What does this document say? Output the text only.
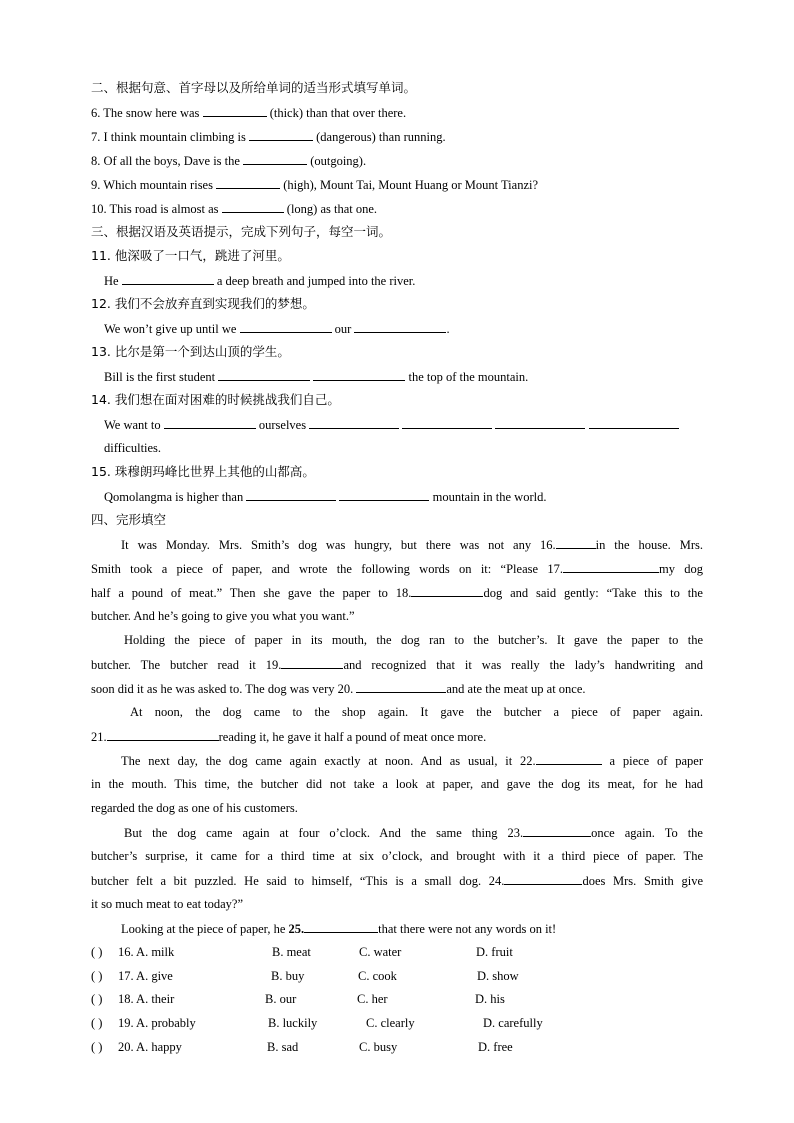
二、根据句意、首字母以及所给单词的适当形式填写单词。
6. The snow here was	(thick) than that over there.
7. I think mountain climbing is	(dangerous) than running.
8. Of all the boys, Dave is the	(outgoing).
9. Which mountain rises	(high), Mount Tai, Mount Huang or Mount Tianzi?
10. This road is almost as	(long) as that one.
三、根据汉语及英语提示，完成下列句子，每空一词。
11. 他深吸了一口气，跳进了河里。
He	a deep breath and jumped into the river.
12. 我们不会放弃直到实现我们的梦想。
We won’t give up until we	our	.
13. 比尔是第一个到达山顶的学生。
Bill is the first student	the top of the mountain.
14. 我们想在面对困难的时候挑战我们自己。
We want to	ourselves
difficulties.
15. 珠穆朗玛峰比世界上其他的山都高。
Qomolangma is higher than	mountain in the world.
四、完形填空
It was Monday. Mrs. Smith’s dog was hungry, but there was not any 16.	in the house. Mrs.
Smith took a piece of paper, and wrote the following words on it: “Please 17.	my dog
half a pound of meat.” Then she gave the paper to 18.	dog and said gently: “Take this to the
butcher. And he’s going to give you what you want.”
Holding the piece of paper in its mouth, the dog ran to the butcher’s. It gave the paper to the
butcher. The butcher read it 19.	and recognized that it was really the lady’s handwriting and
soon did it as he was asked to. The dog was very 20.	and ate the meat up at once.
At noon, the dog came to the shop again. It gave the butcher a piece of paper again.
21.	reading it, he gave it half a pound of meat once more.
The next day, the dog came again exactly at noon. And as usual, it 22.	a piece of paper
in the mouth. This time, the butcher did not take a look at paper, and gave the dog its meat, for he had
regarded the dog as one of his customers.
But the dog came again at four o’clock. And the same thing 23.	once again. To the
butcher’s surprise, it came for a third time at six o’clock, and brought with it a third piece of paper. The
butcher felt a bit puzzled. He said to himself, “This is a small dog. 24.	does Mrs. Smith give
it so much meat to eat today?”
Looking at the piece of paper, he 25.	that there were not any words on it!
( ) 16. A. milk	B. meat	C. water	D. fruit
( ) 17. A. give	B. buy	C. cook	D. show
( ) 18. A. their	B. our	C. her	D. his
( ) 19. A. probably	B. luckily	C. clearly	D. carefully
( ) 20. A. happy	B. sad	C. busy	D. free
